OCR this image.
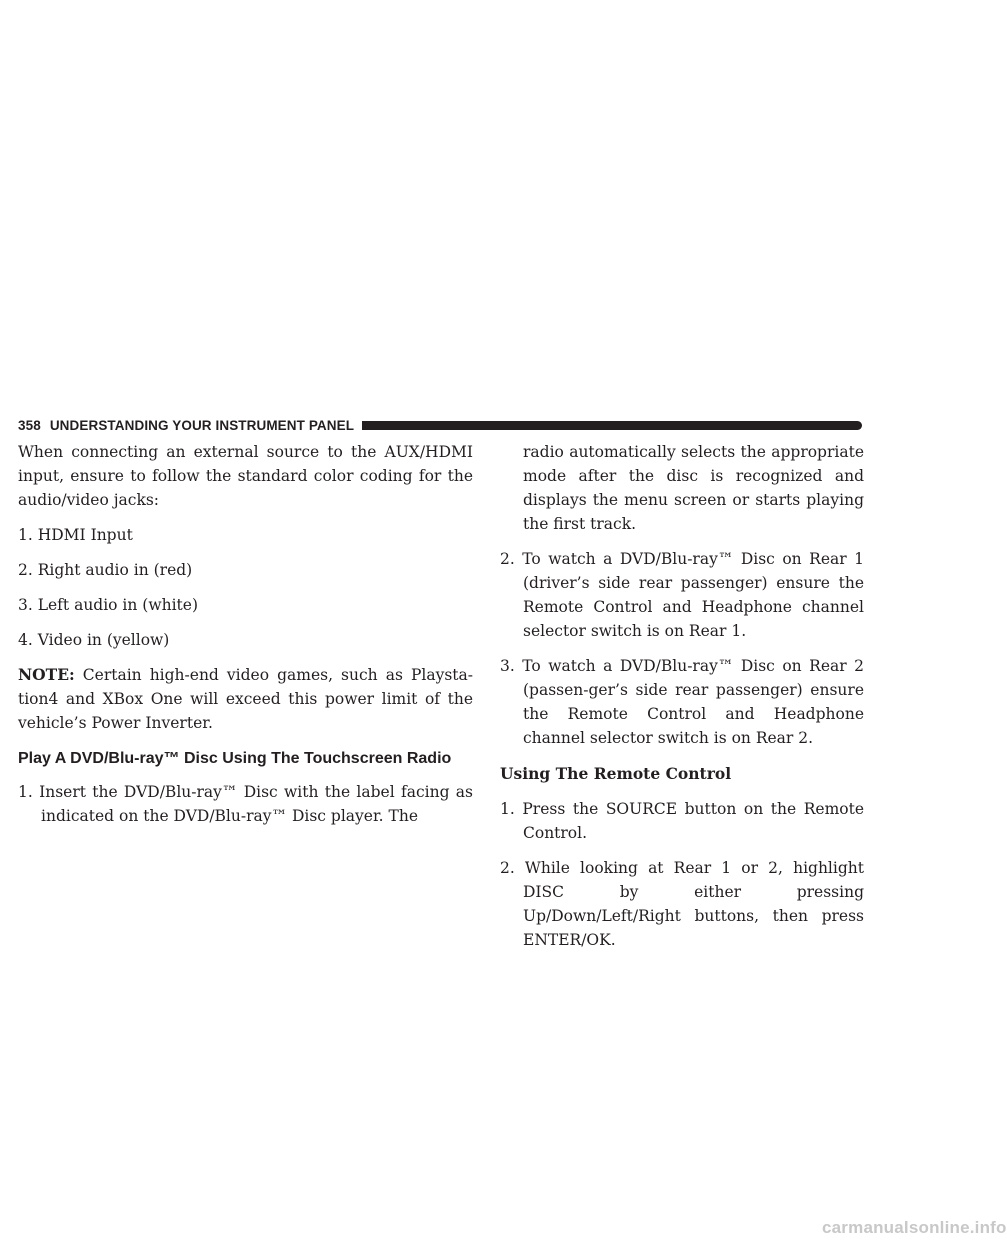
358 UNDERSTANDING YOUR INSTRUMENT PANEL

When connecting an external source to the AUX/HDMI input, ensure to follow the standard color coding for the audio/video jacks:

1. HDMI Input

2. Right audio in (red)

3. Left audio in (white)

4. Video in (yellow)

NOTE: Certain high-end video games, such as Playsta-tion4 and XBox One will exceed this power limit of the vehicle’s Power Inverter.

Play A DVD/Blu-ray™ Disc Using The Touchscreen Radio

1. Insert the DVD/Blu-ray™ Disc with the label facing as indicated on the DVD/Blu-ray™ Disc player. The

radio automatically selects the appropriate mode after the disc is recognized and displays the menu screen or starts playing the first track.

2. To watch a DVD/Blu-ray™ Disc on Rear 1 (driver’s side rear passenger) ensure the Remote Control and Headphone channel selector switch is on Rear 1.

3. To watch a DVD/Blu-ray™ Disc on Rear 2 (passen-ger’s side rear passenger) ensure the Remote Control and Headphone channel selector switch is on Rear 2.

Using The Remote Control

1. Press the SOURCE button on the Remote Control.

2. While looking at Rear 1 or 2, highlight DISC by either pressing Up/Down/Left/Right buttons, then press ENTER/OK.

carmanualsonline.info
